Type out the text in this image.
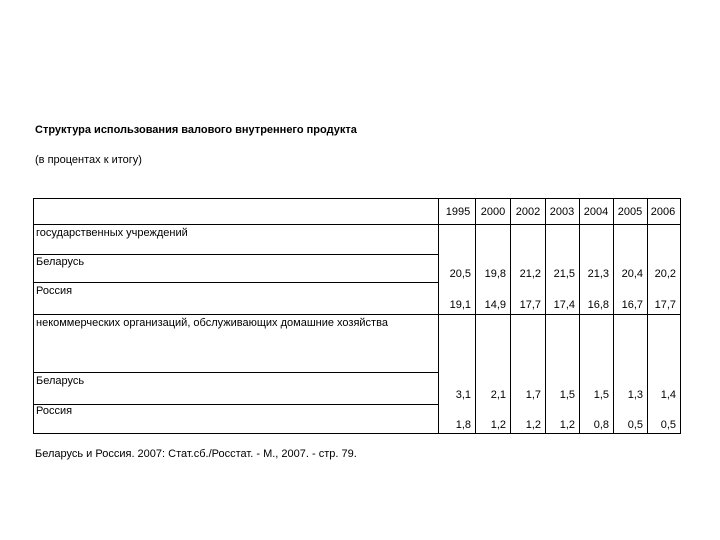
Структура использования валового внутреннего продукта
(в процентах к итогу)
1995 2000 2002 2003 2004 2005 2006
государственных учреждений
Беларусь
20,5	19,8	21,2	21,5	21,3	20,4	20,2
Россия
19,1	14,9	17,7	17,4	16,8	16,7	17,7
некоммерческих организаций, обслуживающих домашние хозяйства
Беларусь
3,1	2,1	1,7	1,5	1,5	1,3	1,4
Россия
1,8	1,2	1,2	1,2	0,8	0,5	0,5
Беларусь и Россия. 2007: Стат.сб./Росстат. - М., 2007. - стр. 79.
